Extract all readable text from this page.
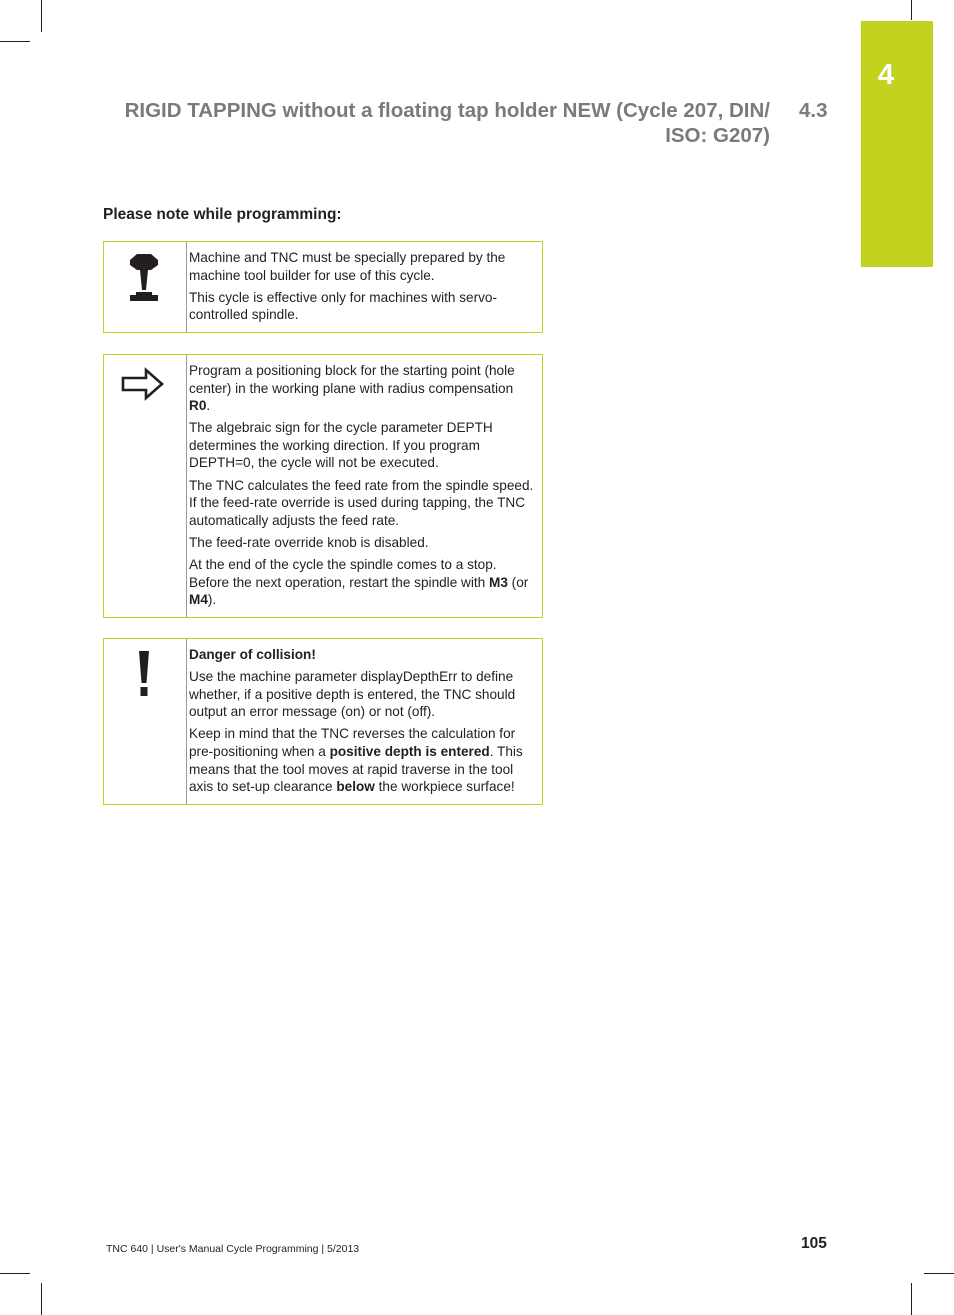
4
RIGID TAPPING without a floating tap holder NEW (Cycle 207, DIN/
ISO: G207)
4.3
Please note while programming:

Machine and TNC must be specially prepared by the machine tool builder for use of this cycle.

This cycle is effective only for machines with servo-controlled spindle.

Program a positioning block for the starting point (hole center) in the working plane with radius compensation R0.

The algebraic sign for the cycle parameter DEPTH determines the working direction. If you program DEPTH=0, the cycle will not be executed.

The TNC calculates the feed rate from the spindle speed. If the feed-rate override is used during tapping, the TNC automatically adjusts the feed rate.

The feed-rate override knob is disabled.

At the end of the cycle the spindle comes to a stop. Before the next operation, restart the spindle with M3 (or M4).

Danger of collision!

Use the machine parameter displayDepthErr to define whether, if a positive depth is entered, the TNC should output an error message (on) or not (off).

Keep in mind that the TNC reverses the calculation for pre-positioning when a positive depth is entered. This means that the tool moves at rapid traverse in the tool axis to set-up clearance below the workpiece surface!

TNC 640 | User's Manual Cycle Programming | 5/2013	105
